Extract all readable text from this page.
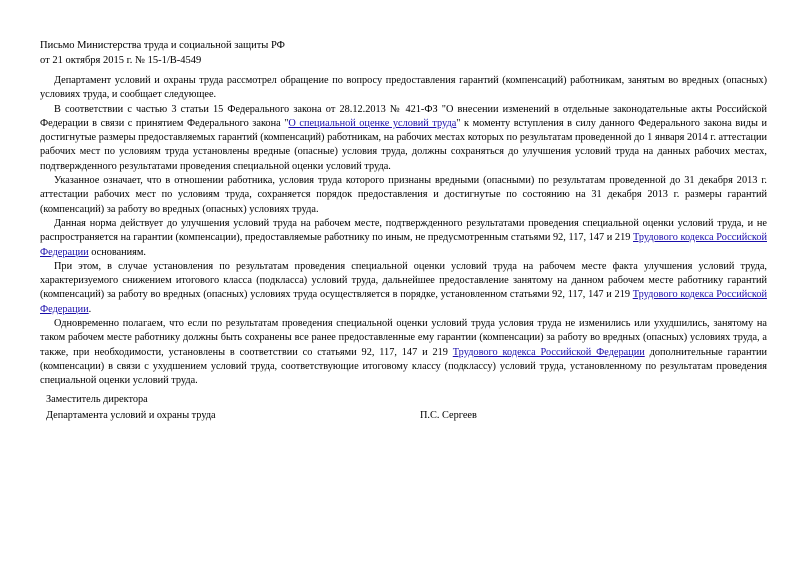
Письмо Министерства труда и социальной защиты РФ
от 21 октября 2015 г. № 15-1/В-4549

Департамент условий и охраны труда рассмотрел обращение по вопросу предоставления гарантий (компенсаций) работникам, занятым во вредных (опасных) условиях труда, и сообщает следующее.

В соответствии с частью 3 статьи 15 Федерального закона от 28.12.2013 № 421-ФЗ "О внесении изменений в отдельные законодательные акты Российской Федерации в связи с принятием Федерального закона "О специальной оценке условий труда" к моменту вступления в силу данного Федерального закона виды и достигнутые размеры предоставляемых гарантий (компенсаций) работникам, на рабочих местах которых по результатам проведенной до 1 января 2014 г. аттестации рабочих мест по условиям труда установлены вредные (опасные) условия труда, должны сохраняться до улучшения условий труда на данных рабочих местах, подтвержденного результатами проведения специальной оценки условий труда.

Указанное означает, что в отношении работника, условия труда которого признаны вредными (опасными) по результатам проведенной до 31 декабря 2013 г. аттестации рабочих мест по условиям труда, сохраняется порядок предоставления и достигнутые по состоянию на 31 декабря 2013 г. размеры гарантий (компенсаций) за работу во вредных (опасных) условиях труда.

Данная норма действует до улучшения условий труда на рабочем месте, подтвержденного результатами проведения специальной оценки условий труда, и не распространяется на гарантии (компенсации), предоставляемые работнику по иным, не предусмотренным статьями 92, 117, 147 и 219 Трудового кодекса Российской Федерации основаниям.

При этом, в случае установления по результатам проведения специальной оценки условий труда на рабочем месте факта улучшения условий труда, характеризуемого снижением итогового класса (подкласса) условий труда, дальнейшее предоставление занятому на данном рабочем месте работнику гарантий (компенсаций) за работу во вредных (опасных) условиях труда осуществляется в порядке, установленном статьями 92, 117, 147 и 219 Трудового кодекса Российской Федерации.

Одновременно полагаем, что если по результатам проведения специальной оценки условий труда условия труда не изменились или ухудшились, занятому на таком рабочем месте работнику должны быть сохранены все ранее предоставленные ему гарантии (компенсации) за работу во вредных (опасных) условиях труда, а также, при необходимости, установлены в соответствии со статьями 92, 117, 147 и 219 Трудового кодекса Российской Федерации дополнительные гарантии (компенсации) в связи с ухудшением условий труда, соответствующие итоговому классу (подклассу) условий труда, установленному по результатам проведения специальной оценки условий труда.

Заместитель директора
Департамента условий и охраны труда	П.С. Сергеев
